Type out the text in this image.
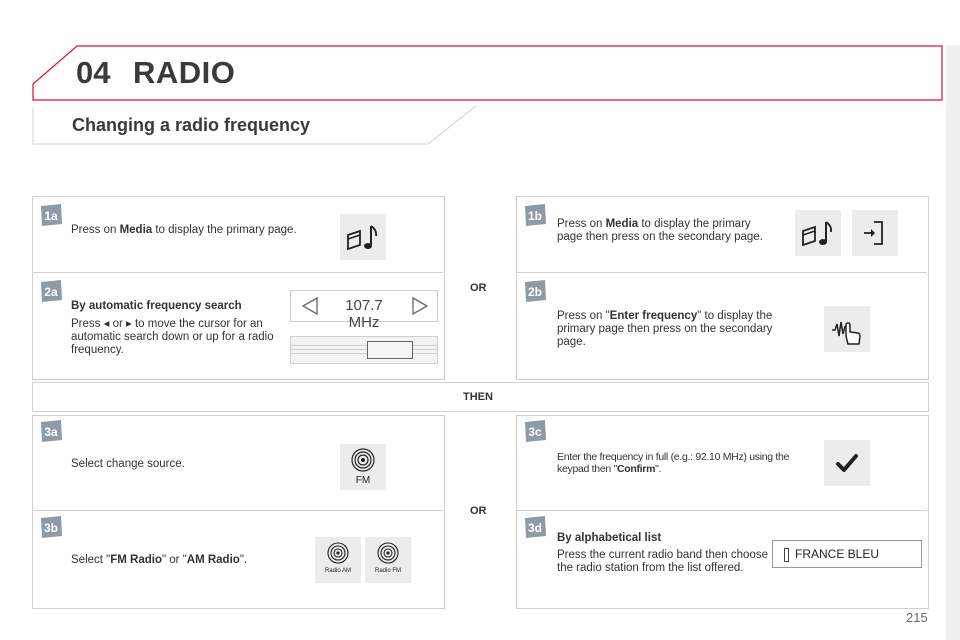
04 RADIO
Changing a radio frequency
OR
THEN
OR
1a	1b
2a	2b
3a	3c
3b	3d
Press on Media to display the primary page.	Press on Media to display the primary page then press on the secondary page.
By automatic frequency search
Press ◂ or ▸ to move the cursor for an automatic search down or up for a radio frequency.
107.7 MHz	Press on "Enter frequency" to display the primary page then press on the secondary page.
Select change source.
FM
Select "FM Radio" or "AM Radio".
Radio AM	Radio FM
Enter the frequency in full (e.g.: 92.10 MHz) using the keypad then "Confirm".
By alphabetical list
Press the current radio band then choose the radio station from the list offered.
FRANCE BLEU
215
